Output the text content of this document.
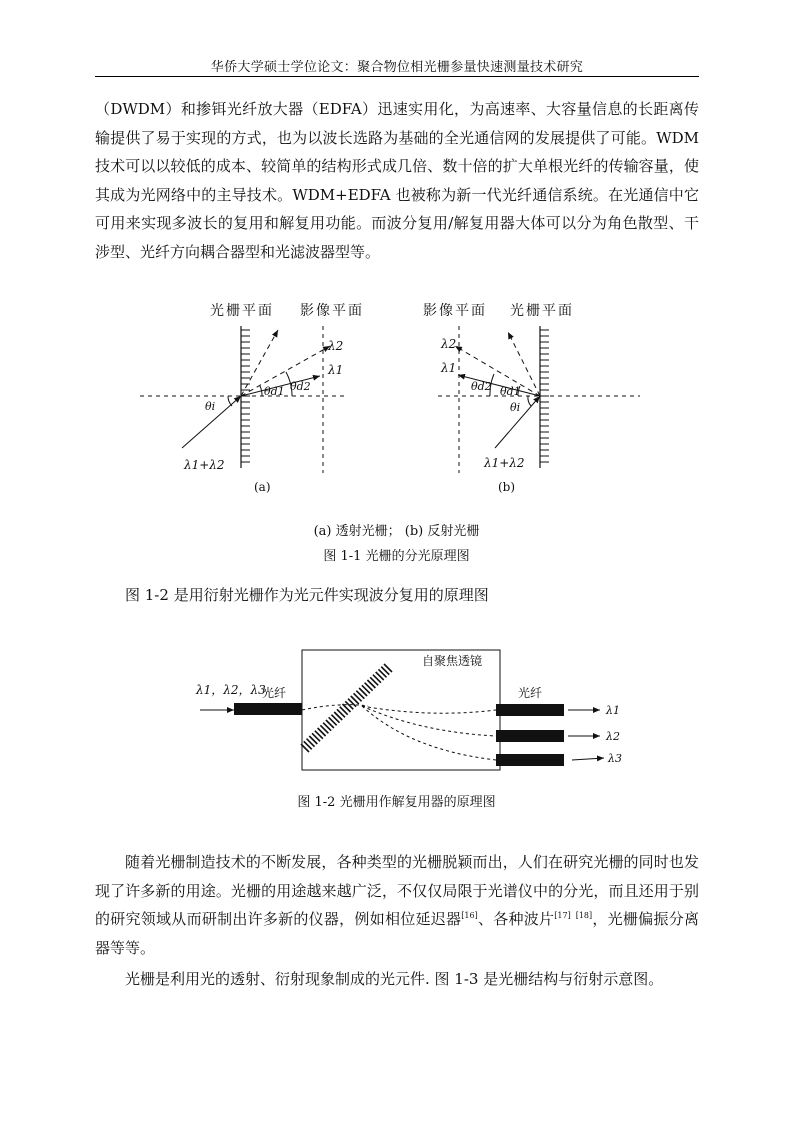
华侨大学硕士学位论文：聚合物位相光栅参量快速测量技术研究
（DWDM）和掺铒光纤放大器（EDFA）迅速实用化，为高速率、大容量信息的长距离传输提供了易于实现的方式，也为以波长选路为基础的全光通信网的发展提供了可能。WDM 技术可以以较低的成本、较简单的结构形式成几倍、数十倍的扩大单根光纤的传输容量，使其成为光网络中的主导技术。WDM+EDFA 也被称为新一代光纤通信系统。在光通信中它可用来实现多波长的复用和解复用功能。而波分复用/解复用器大体可以分为角色散型、干涉型、光纤方向耦合器型和光滤波器型等。
光栅平面 影像平面
λ2
λ1
θi
θd1 θd2
λ1+λ2
(a)
影像平面 光栅平面
λ2
λ1
θd2 θd1
θi
λ1+λ2
(b)
(a) 透射光栅； (b) 反射光栅
图 1-1 光栅的分光原理图
图 1-2 是用衍射光栅作为光元件实现波分复用的原理图
自聚焦透镜
λ1，λ2，λ3
光纤	光纤
λ1
λ2
λ3
图 1-2 光栅用作解复用器的原理图
随着光栅制造技术的不断发展，各种类型的光栅脱颖而出，人们在研究光栅的同时也发现了许多新的用途。光栅的用途越来越广泛，不仅仅局限于光谱仪中的分光，而且还用于别的研究领域从而研制出许多新的仪器，例如相位延迟器[16]、各种波片[17] [18]，光栅偏振分离器等等。
光栅是利用光的透射、衍射现象制成的光元件. 图 1-3 是光栅结构与衍射示意图。
